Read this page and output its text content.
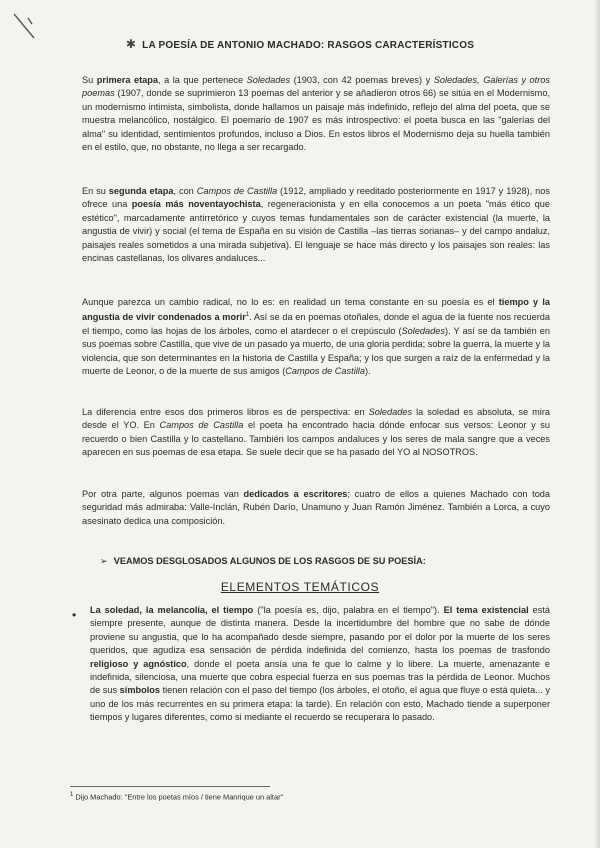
✱ LA POESÍA DE ANTONIO MACHADO: RASGOS CARACTERÍSTICOS
Su primera etapa, a la que pertenece Soledades (1903, con 42 poemas breves) y Soledades, Galerías y otros poemas (1907, donde se suprimieron 13 poemas del anterior y se añadieron otros 66) se sitúa en el Modernismo, un modernismo intimista, simbolista, donde hallamos un paisaje más indefinido, reflejo del alma del poeta, que se muestra melancólico, nostálgico. El poemario de 1907 es más introspectivo: el poeta busca en las "galerías del alma" su identidad, sentimientos profundos, incluso a Dios. En estos libros el Modernismo deja su huella también en el estilo, que, no obstante, no llega a ser recargado.
En su segunda etapa, con Campos de Castilla (1912, ampliado y reeditado posteriormente en 1917 y 1928), nos ofrece una poesía más noventayochista, regeneracionista y en ella conocemos a un poeta "más ético que estético", marcadamente antirretórico y cuyos temas fundamentales son de carácter existencial (la muerte, la angustia de vivir) y social (el tema de España en su visión de Castilla –las tierras sorianas– y del campo andaluz, paisajes reales sometidos a una mirada subjetiva). El lenguaje se hace más directo y los paisajes son reales: las encinas castellanas, los olivares andaluces...
Aunque parezca un cambio radical, no lo es: en realidad un tema constante en su poesía es el tiempo y la angustia de vivir condenados a morir$^1$. Así se da en poemas otoñales, donde el agua de la fuente nos recuerda el tiempo, como las hojas de los árboles, como el atardecer o el crepúsculo (Soledades). Y así se da también en sus poemas sobre Castilla, que vive de un pasado ya muerto, de una gloria perdida; sobre la guerra, la muerte y la violencia, que son determinantes en la historia de Castilla y España; y los que surgen a raíz de la enfermedad y la muerte de Leonor, o de la muerte de sus amigos (Campos de Castilla).
La diferencia entre esos dos primeros libros es de perspectiva: en Soledades la soledad es absoluta, se mira desde el YO. En Campos de Castilla el poeta ha encontrado hacia dónde enfocar sus versos: Leonor y su recuerdo o bien Castilla y lo castellano. También los campos andaluces y los seres de mala sangre que a veces aparecen en sus poemas de esa etapa. Se suele decir que se ha pasado del YO al NOSOTROS.
Por otra parte, algunos poemas van dedicados a escritores; cuatro de ellos a quienes Machado con toda seguridad más admiraba: Valle-Inclán, Rubén Darío, Unamuno y Juan Ramón Jiménez. También a Lorca, a cuyo asesinato dedica una composición.
➢ VEAMOS DESGLOSADOS ALGUNOS DE LOS RASGOS DE SU POESÍA:
ELEMENTOS TEMÁTICOS
• La soledad, la melancolía, el tiempo ("la poesía es, dijo, palabra en el tiempo"). El tema existencial está siempre presente, aunque de distinta manera. Desde la incertidumbre del hombre que no sabe de dónde proviene su angustia, que lo ha acompañado desde siempre, pasando por el dolor por la muerte de los seres queridos, que agudiza esa sensación de pérdida indefinida del comienzo, hasta los poemas de trasfondo religioso y agnóstico, donde el poeta ansía una fe que lo calme y lo libere. La muerte, amenazante e indefinida, silenciosa, una muerte que cobra especial fuerza en sus poemas tras la pérdida de Leonor. Muchos de sus símbolos tienen relación con el paso del tiempo (los árboles, el otoño, el agua que fluye o está quieta... y uno de los más recurrentes en su primera etapa: la tarde). En relación con esto, Machado tiende a superponer tiempos y lugares diferentes, como si mediante el recuerdo se recuperara lo pasado.
$^1$ Dijo Machado: "Entre los poetas míos / tiene Manrique un altar"
